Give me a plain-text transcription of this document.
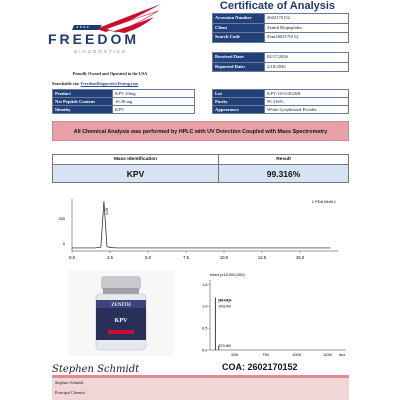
★ ★ ★ ★
FREEDOM
DIAGNOSTICS
Certificate of Analysis
Accession Number	2602170152
Client	Zenith Biopeptides
Search Code	Zeni2602170152
Received Date:	02/17/2026
Reported Date:	2/18/2026
Proudly Owned and Operated in the USA
Searchable via: FreedomDiagnosticsTesting.com
Product	KPV 10mg
Net Peptide Content	10.28 mg
Identity	KPV
Lot	KPV-10-012026B
Purity	99.316%
Appearance	White Lyophilized Powder
All Chemical Analysis was performed by HPLC with UV Detection Coupled with Mass Spectrometry
Mass Identification	Result
KPV	99.316%
250
0
1 PDA Multi 1
KPV
0.0	2.5	5.0	7.5	10.0	12.5	15.0
ZENITH
KPV
Inten.(x10,000,000)
0.0
0.5
1.0
1.5
500	750	1000	1250 m/z
[M+H]+
343.08
370.88
Stephen Schmidt	COA: 2602170152
Stephen Schmidt
Principal Chemist
